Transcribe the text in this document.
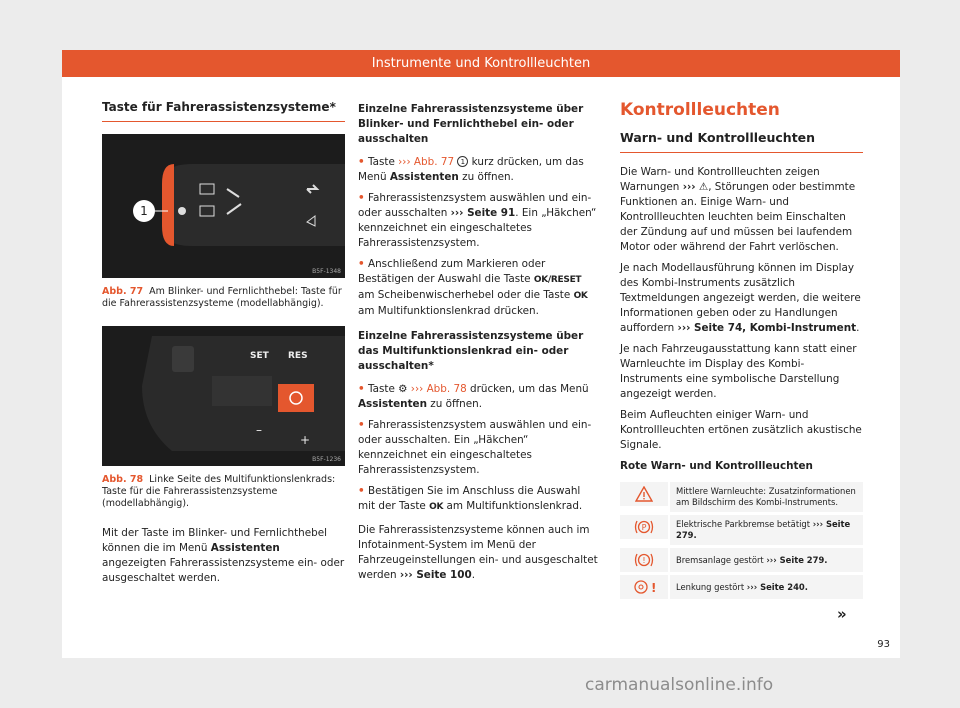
Instrumente und Kontrollleuchten
Taste für Fahrerassistenzsysteme*
1
B5F-1348
Abb. 77 Am Blinker- und Fernlichthebel: Taste für die Fahrerassistenzsysteme (modellabhängig).
SET RES
–
+
B5F-1236
Abb. 78 Linke Seite des Multifunktionslenkrads: Taste für die Fahrerassistenzsysteme (modellabhängig).

Mit der Taste im Blinker- und Fernlichthebel können die im Menü Assistenten angezeigten Fahrerassistenzsysteme ein- oder ausgeschaltet werden.

Einzelne Fahrerassistenzsysteme über Blinker- und Fernlichthebel ein- oder ausschalten

• Taste ››› Abb. 77 1 kurz drücken, um das Menü Assistenten zu öffnen.

• Fahrerassistenzsystem auswählen und ein- oder ausschalten ››› Seite 91. Ein „Häkchen“ kennzeichnet ein eingeschaltetes Fahrerassistenzsystem.

• Anschließend zum Markieren oder Bestätigen der Auswahl die Taste OK/RESET am Scheibenwischerhebel oder die Taste OK am Multifunktionslenkrad drücken.

Einzelne Fahrerassistenzsysteme über das Multifunktionslenkrad ein- oder ausschalten*

• Taste ⚙ ››› Abb. 78 drücken, um das Menü Assistenten zu öffnen.

• Fahrerassistenzsystem auswählen und ein- oder ausschalten. Ein „Häkchen“ kennzeichnet ein eingeschaltetes Fahrerassistenzsystem.

• Bestätigen Sie im Anschluss die Auswahl mit der Taste OK am Multifunktionslenkrad.

Die Fahrerassistenzsysteme können auch im Infotainment-System im Menü der Fahrzeugeinstellungen ein- und ausgeschaltet werden ››› Seite 100.

Kontrollleuchten
Warn- und Kontrollleuchten

Die Warn- und Kontrollleuchten zeigen Warnungen ››› ⚠, Störungen oder bestimmte Funktionen an. Einige Warn- und Kontrollleuchten leuchten beim Einschalten der Zündung auf und müssen bei laufendem Motor oder während der Fahrt verlöschen.

Je nach Modellausführung können im Display des Kombi-Instruments zusätzlich Textmeldungen angezeigt werden, die weitere Informationen geben oder zu Handlungen auffordern ››› Seite 74, Kombi-Instrument.

Je nach Fahrzeugausstattung kann statt einer Warnleuchte im Display des Kombi-Instruments eine symbolische Darstellung angezeigt werden.

Beim Aufleuchten einiger Warn- und Kontrollleuchten ertönen zusätzlich akustische Signale.

Rote Warn- und Kontrollleuchten
Mittlere Warnleuchte: Zusatzinformationen am Bildschirm des Kombi-Instruments.
P	Elektrische Parkbremse betätigt ››› Seite 279.
!	Bremsanlage gestört ››› Seite 279.
! Lenkung gestört ››› Seite 240.
»
93
carmanualsonline.info
